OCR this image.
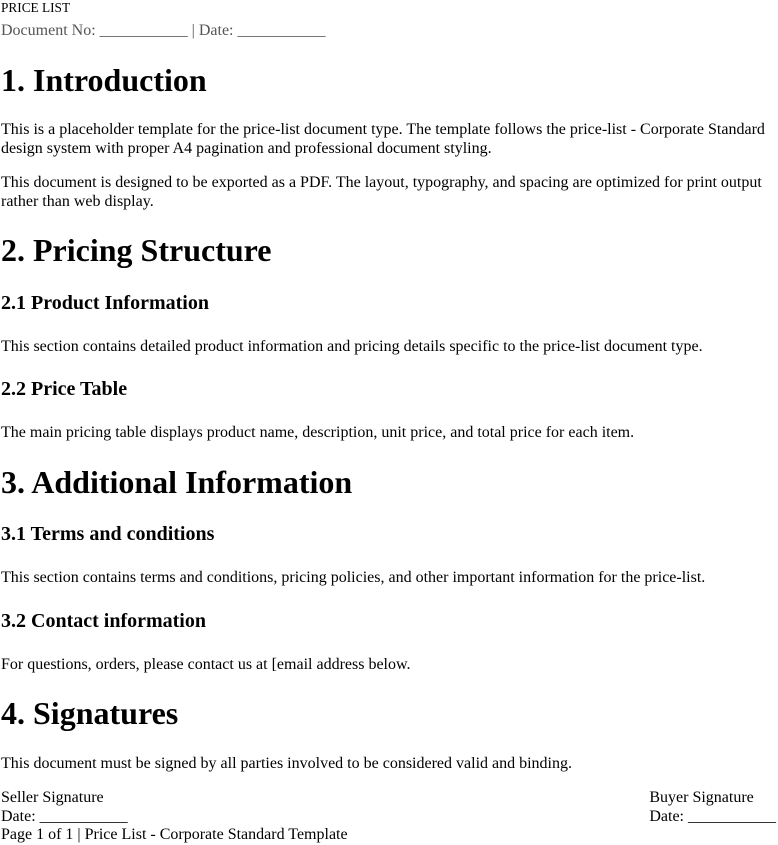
PRICE LIST
Document No: ___________ | Date: ___________
1. Introduction

This is a placeholder template for the price-list document type. The template follows the price-list - Corporate Standard design system with proper A4 pagination and professional document styling.

This document is designed to be exported as a PDF. The layout, typography, and spacing are optimized for print output rather than web display.

2. Pricing Structure
2.1 Product Information

This section contains detailed product information and pricing details specific to the price-list document type.

2.2 Price Table

The main pricing table displays product name, description, unit price, and total price for each item.

3. Additional Information
3.1 Terms and conditions

This section contains terms and conditions, pricing policies, and other important information for the price-list.

3.2 Contact information

For questions, orders, please contact us at [email address below.

4. Signatures

This document must be signed by all parties involved to be considered valid and binding.

Seller Signature
Date: ___________
Page 1 of 1 | Price List - Corporate Standard Template
Buyer Signature
Date: ___________
